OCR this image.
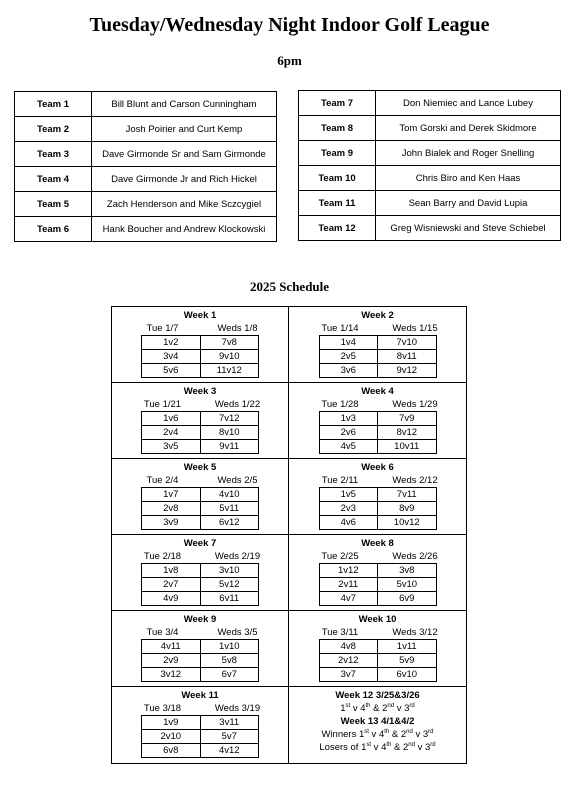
Tuesday/Wednesday Night Indoor Golf League
6pm
Team 1	Bill Blunt and Carson Cunningham
Team 2	Josh Poirier and Curt Kemp
Team 3	Dave Girmonde Sr and Sam Girmonde
Team 4	Dave Girmonde Jr and Rich Hickel
Team 5	Zach Henderson and Mike Sczcygiel
Team 6	Hank Boucher and Andrew Klockowski
Team 7	Don Niemiec and Lance Lubey
Team 8	Tom Gorski and Derek Skidmore
Team 9	John Bialek and Roger Snelling
Team 10	Chris Biro and Ken Haas
Team 11	Sean Barry and David Lupia
Team 12	Greg Wisniewski and Steve Schiebel
2025 Schedule
Week 1
Tue 1/7	Weds 1/8
1v2	7v8
3v4	9v10
5v6	11v12
Week 2
Tue 1/14	Weds 1/15
1v4	7v10
2v5	8v11
3v6	9v12
Week 3
Tue 1/21	Weds 1/22
1v6	7v12
2v4	8v10
3v5	9v11
Week 4
Tue 1/28	Weds 1/29
1v3	7v9
2v6	8v12
4v5	10v11
Week 5
Tue 2/4	Weds 2/5
1v7	4v10
2v8	5v11
3v9	6v12
Week 6
Tue 2/11	Weds 2/12
1v5	7v11
2v3	8v9
4v6	10v12
Week 7
Tue 2/18	Weds 2/19
1v8	3v10
2v7	5v12
4v9	6v11
Week 8
Tue 2/25	Weds 2/26
1v12	3v8
2v11	5v10
4v7	6v9
Week 9
Tue 3/4	Weds 3/5
4v11	1v10
2v9	5v8
3v12	6v7
Week 10
Tue 3/11	Weds 3/12
4v8	1v11
2v12	5v9
3v7	6v10
Week 11
Tue 3/18	Weds 3/19
1v9	3v11
2v10	5v7
6v8	4v12
Week 12 3/25&3/26
1st v 4th & 2nd v 3rd
Week 13 4/1&4/2
Winners 1st v 4th & 2nd v 3rd
Losers of 1st v 4th & 2nd v 3rd
